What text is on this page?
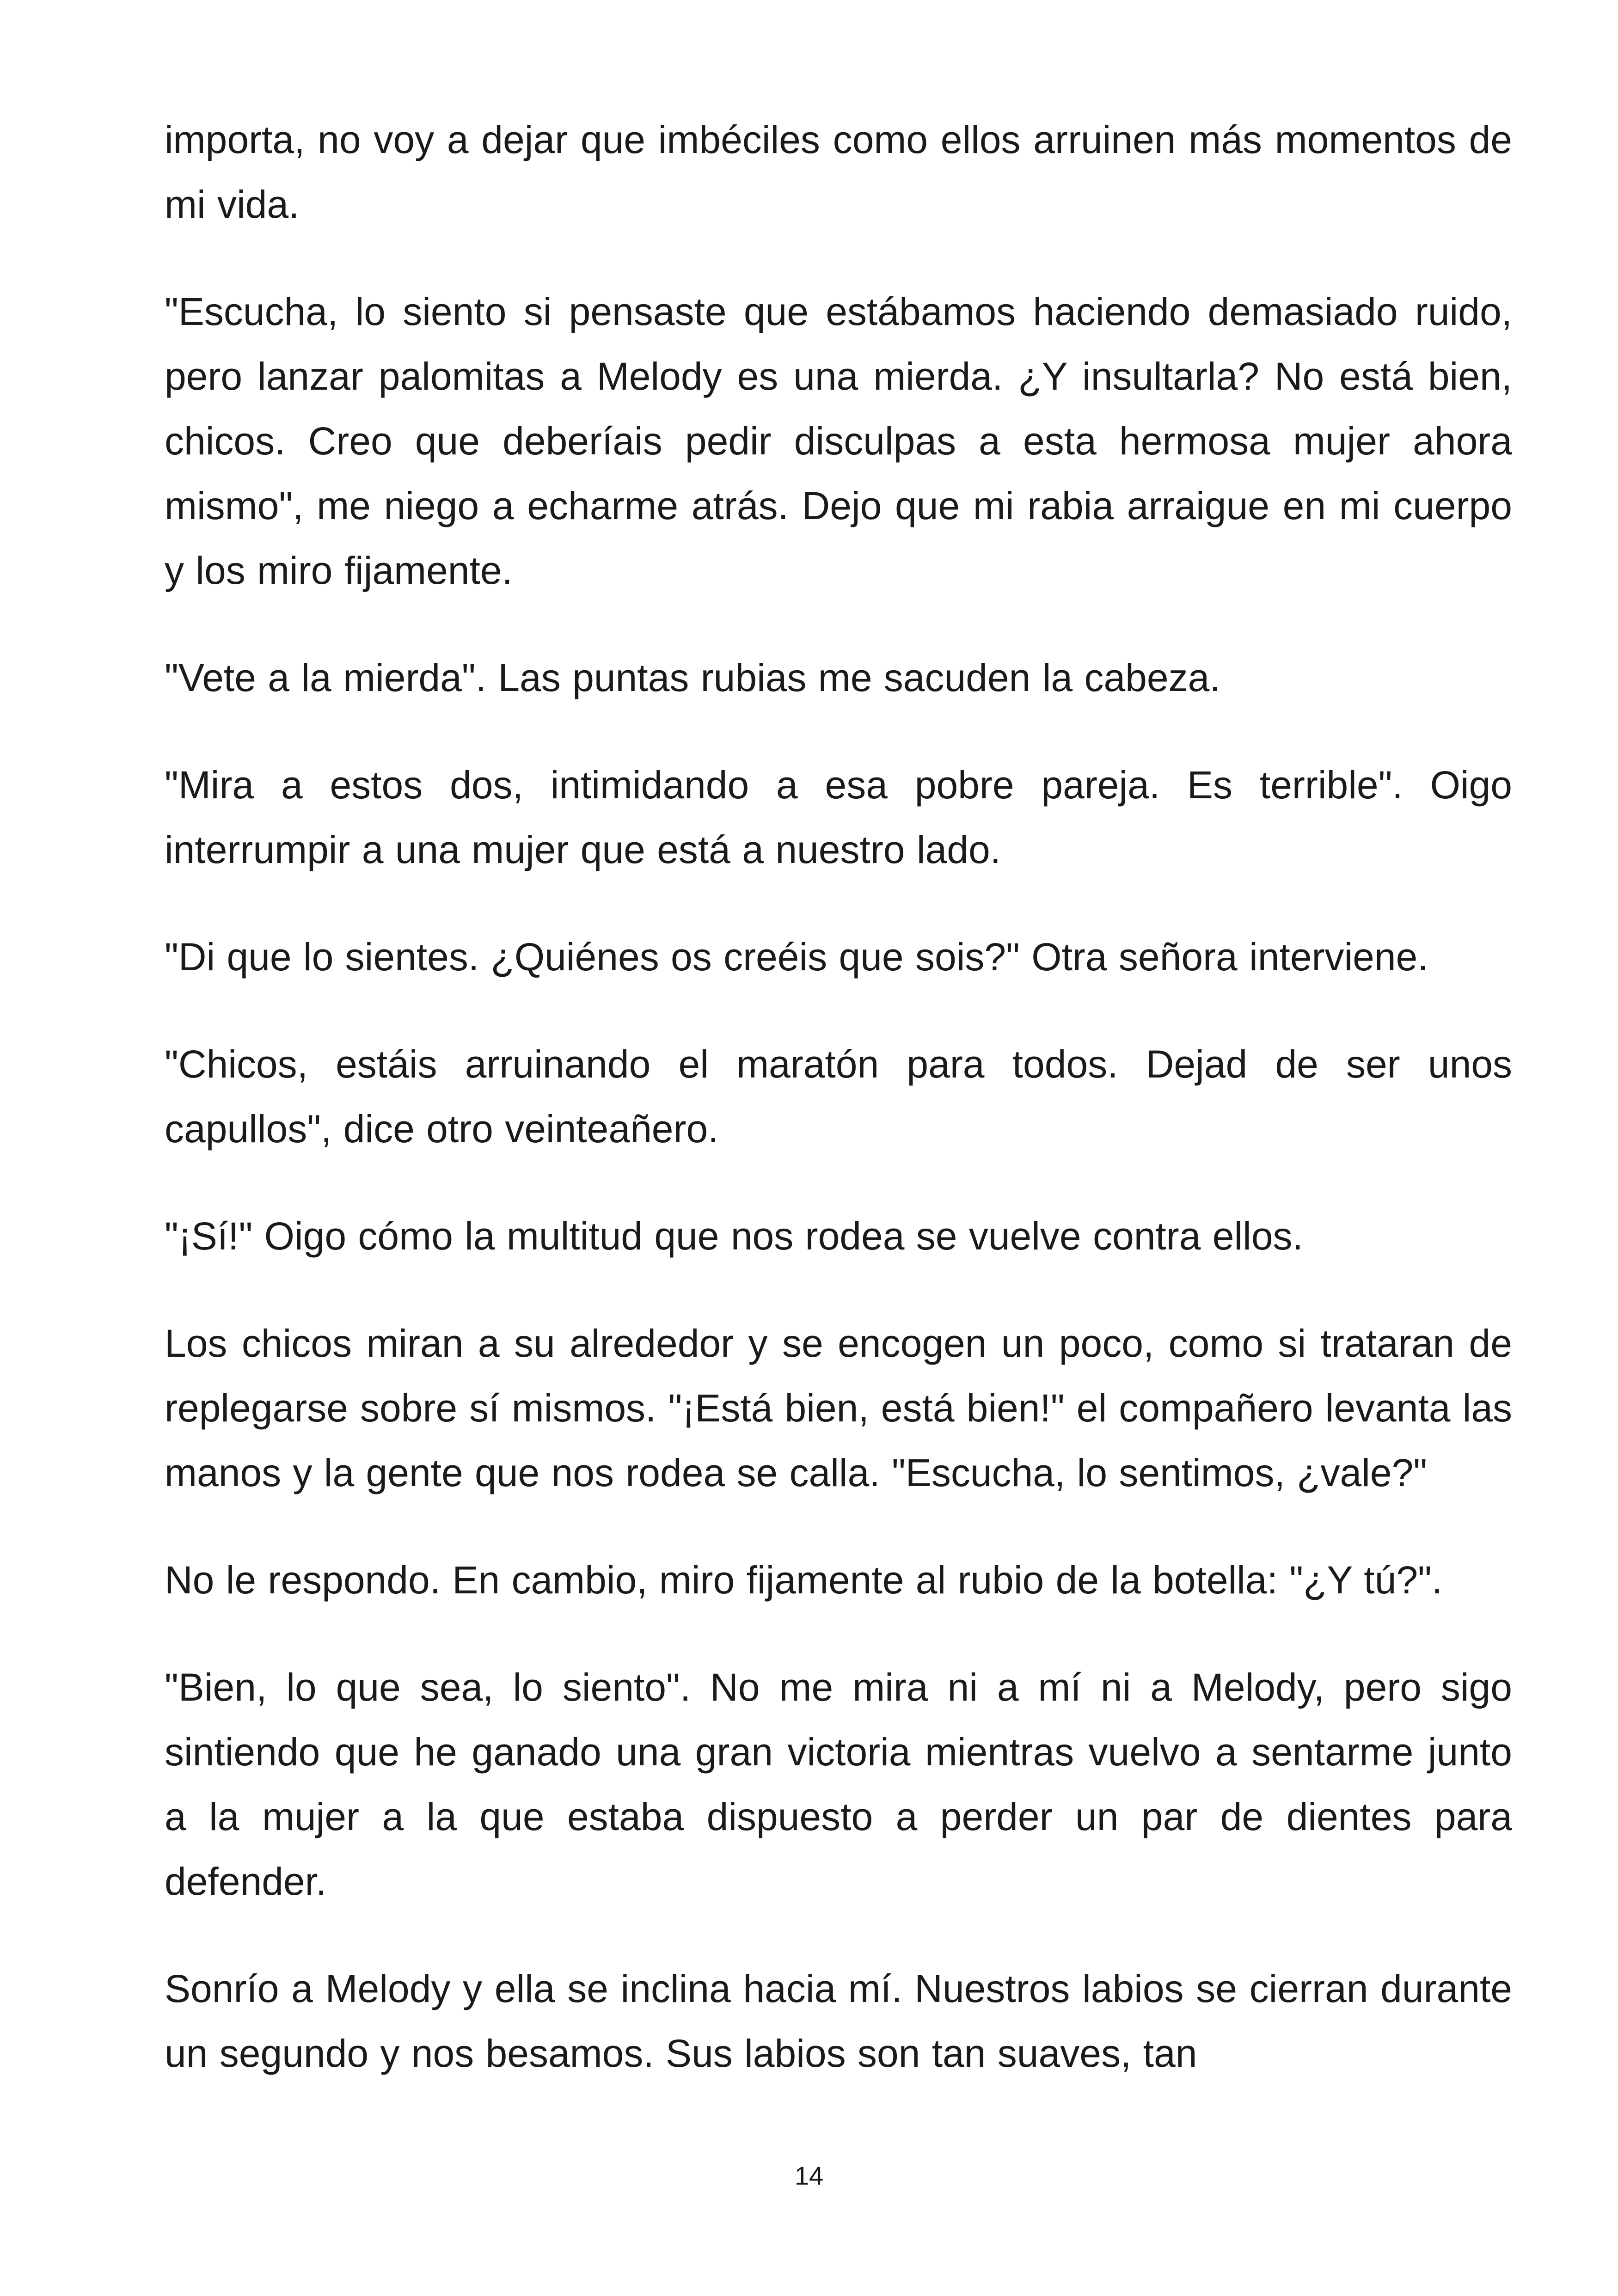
importa, no voy a dejar que imbéciles como ellos arruinen más momentos de mi vida.

"Escucha, lo siento si pensaste que estábamos haciendo demasiado ruido, pero lanzar palomitas a Melody es una mierda. ¿Y insultarla? No está bien, chicos. Creo que deberíais pedir disculpas a esta hermosa mujer ahora mismo", me niego a echarme atrás. Dejo que mi rabia arraigue en mi cuerpo y los miro fijamente.

"Vete a la mierda". Las puntas rubias me sacuden la cabeza.

"Mira a estos dos, intimidando a esa pobre pareja. Es terrible". Oigo interrumpir a una mujer que está a nuestro lado.

"Di que lo sientes. ¿Quiénes os creéis que sois?" Otra señora interviene.

"Chicos, estáis arruinando el maratón para todos. Dejad de ser unos capullos", dice otro veinteañero.

"¡Sí!" Oigo cómo la multitud que nos rodea se vuelve contra ellos.

Los chicos miran a su alrededor y se encogen un poco, como si trataran de replegarse sobre sí mismos. "¡Está bien, está bien!" el compañero levanta las manos y la gente que nos rodea se calla. "Escucha, lo sentimos, ¿vale?"

No le respondo. En cambio, miro fijamente al rubio de la botella: "¿Y tú?".

"Bien, lo que sea, lo siento". No me mira ni a mí ni a Melody, pero sigo sintiendo que he ganado una gran victoria mientras vuelvo a sentarme junto a la mujer a la que estaba dispuesto a perder un par de dientes para defender.

Sonrío a Melody y ella se inclina hacia mí. Nuestros labios se cierran durante un segundo y nos besamos. Sus labios son tan suaves, tan

14
